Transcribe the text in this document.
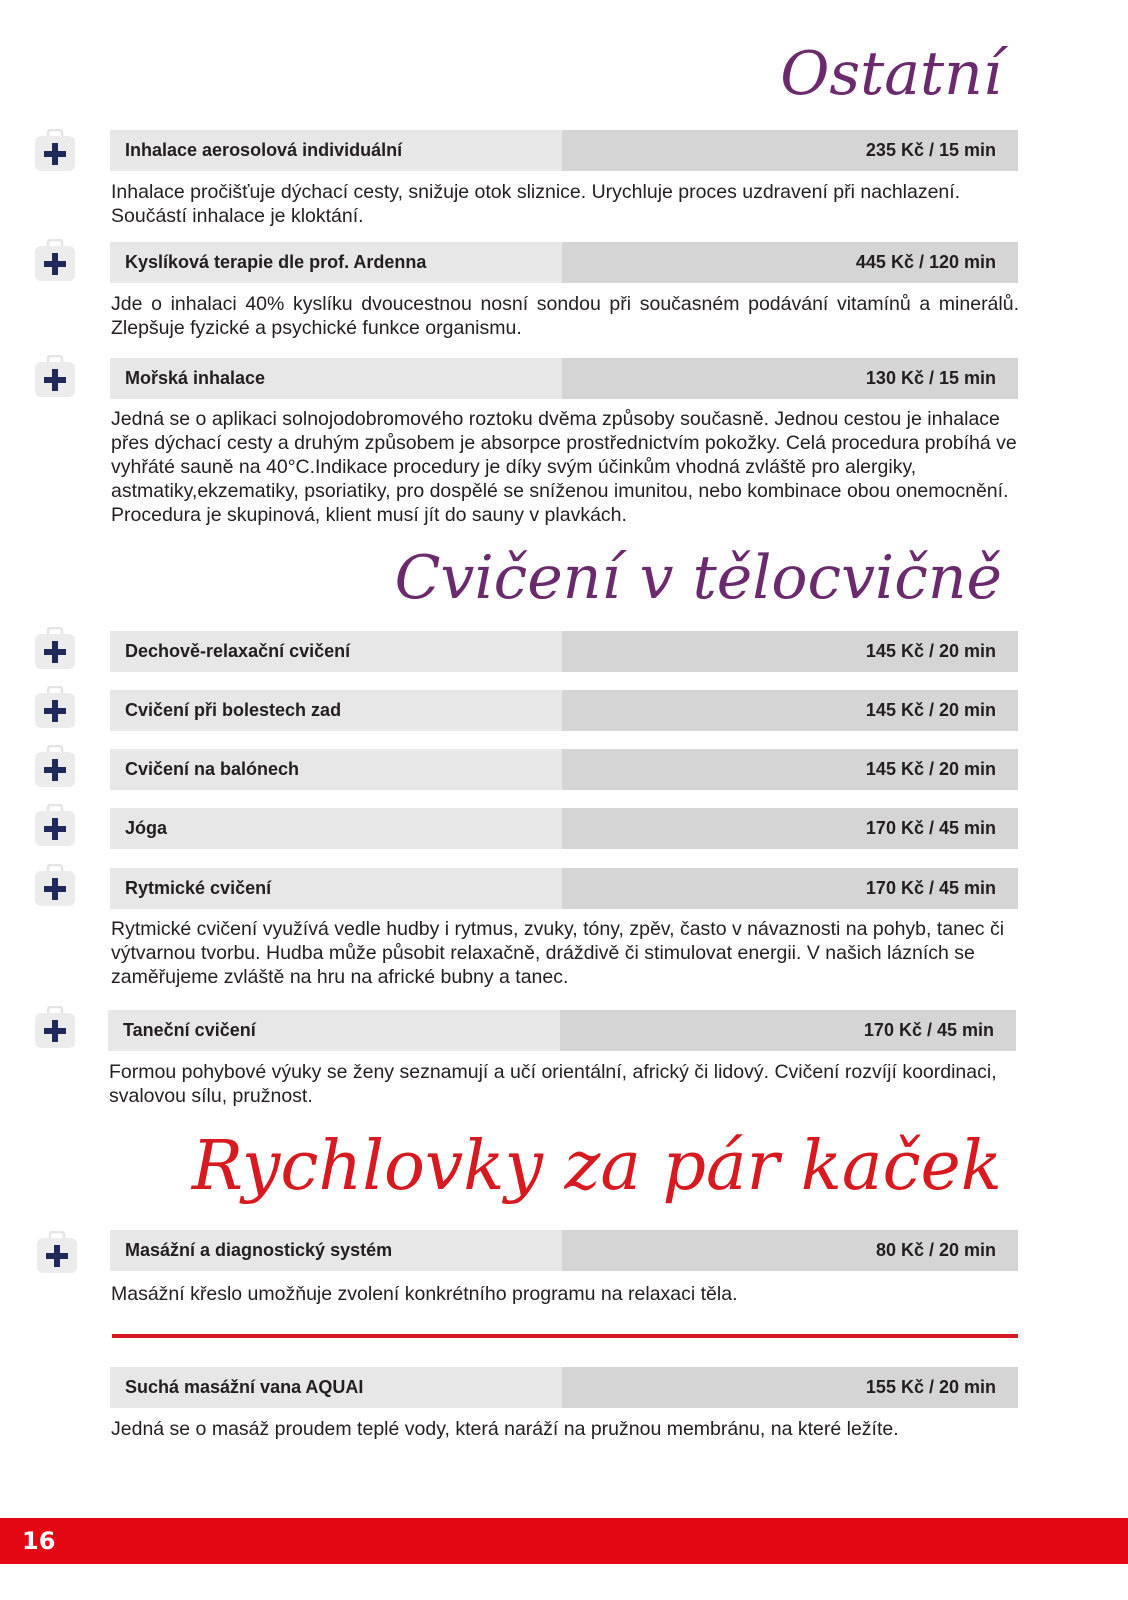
Ostatní
Cvičení v tělocvičně
Rychlovky za pár kaček
Inhalace aerosolová individuální	235 Kč / 15 min
Inhalace pročišťuje dýchací cesty, snižuje otok sliznice. Urychluje proces uzdravení při nachlazení. Součástí inhalace je kloktání.
Kyslíková terapie dle prof. Ardenna	445 Kč / 120 min
Jde o inhalaci 40% kyslíku dvoucestnou nosní sondou při současném podávání vitamínů a minerálů. Zlepšuje fyzické a psychické funkce organismu.
Mořská inhalace	130 Kč / 15 min
Jedná se o aplikaci solnojodobromového roztoku dvěma způsoby současně. Jednou cestou je inhalace přes dýchací cesty a druhým způsobem je absorpce prostřednictvím pokožky. Celá procedura probíhá ve vyhřáté sauně na 40°C.Indikace procedury je díky svým účinkům vhodná zvláště pro alergiky, astmatiky,ekzematiky, psoriatiky, pro dospělé se sníženou imunitou, nebo kombinace obou onemocnění. Procedura je skupinová, klient musí jít do sauny v plavkách.
Dechově-relaxační cvičení	145 Kč / 20 min
Cvičení při bolestech zad	145 Kč / 20 min
Cvičení na balónech	145 Kč / 20 min
Jóga	170 Kč / 45 min
Rytmické cvičení	170 Kč / 45 min
Rytmické cvičení využívá vedle hudby i rytmus, zvuky, tóny, zpěv, často v návaznosti na pohyb, tanec či výtvarnou tvorbu. Hudba může působit relaxačně, dráždivě či stimulovat energii. V našich lázních se zaměřujeme zvláště na hru na africké bubny a tanec.
Taneční cvičení	170 Kč / 45 min
Formou pohybové výuky se ženy seznamují a učí orientální, africký či lidový. Cvičení rozvíjí koordinaci, svalovou sílu, pružnost.
Masážní a diagnostický systém	80 Kč / 20 min
Masážní křeslo umožňuje zvolení konkrétního programu na relaxaci těla.
Suchá masážní vana AQUAI	155 Kč / 20 min
Jedná se o masáž proudem teplé vody, která naráží na pružnou membránu, na které ležíte.
16
